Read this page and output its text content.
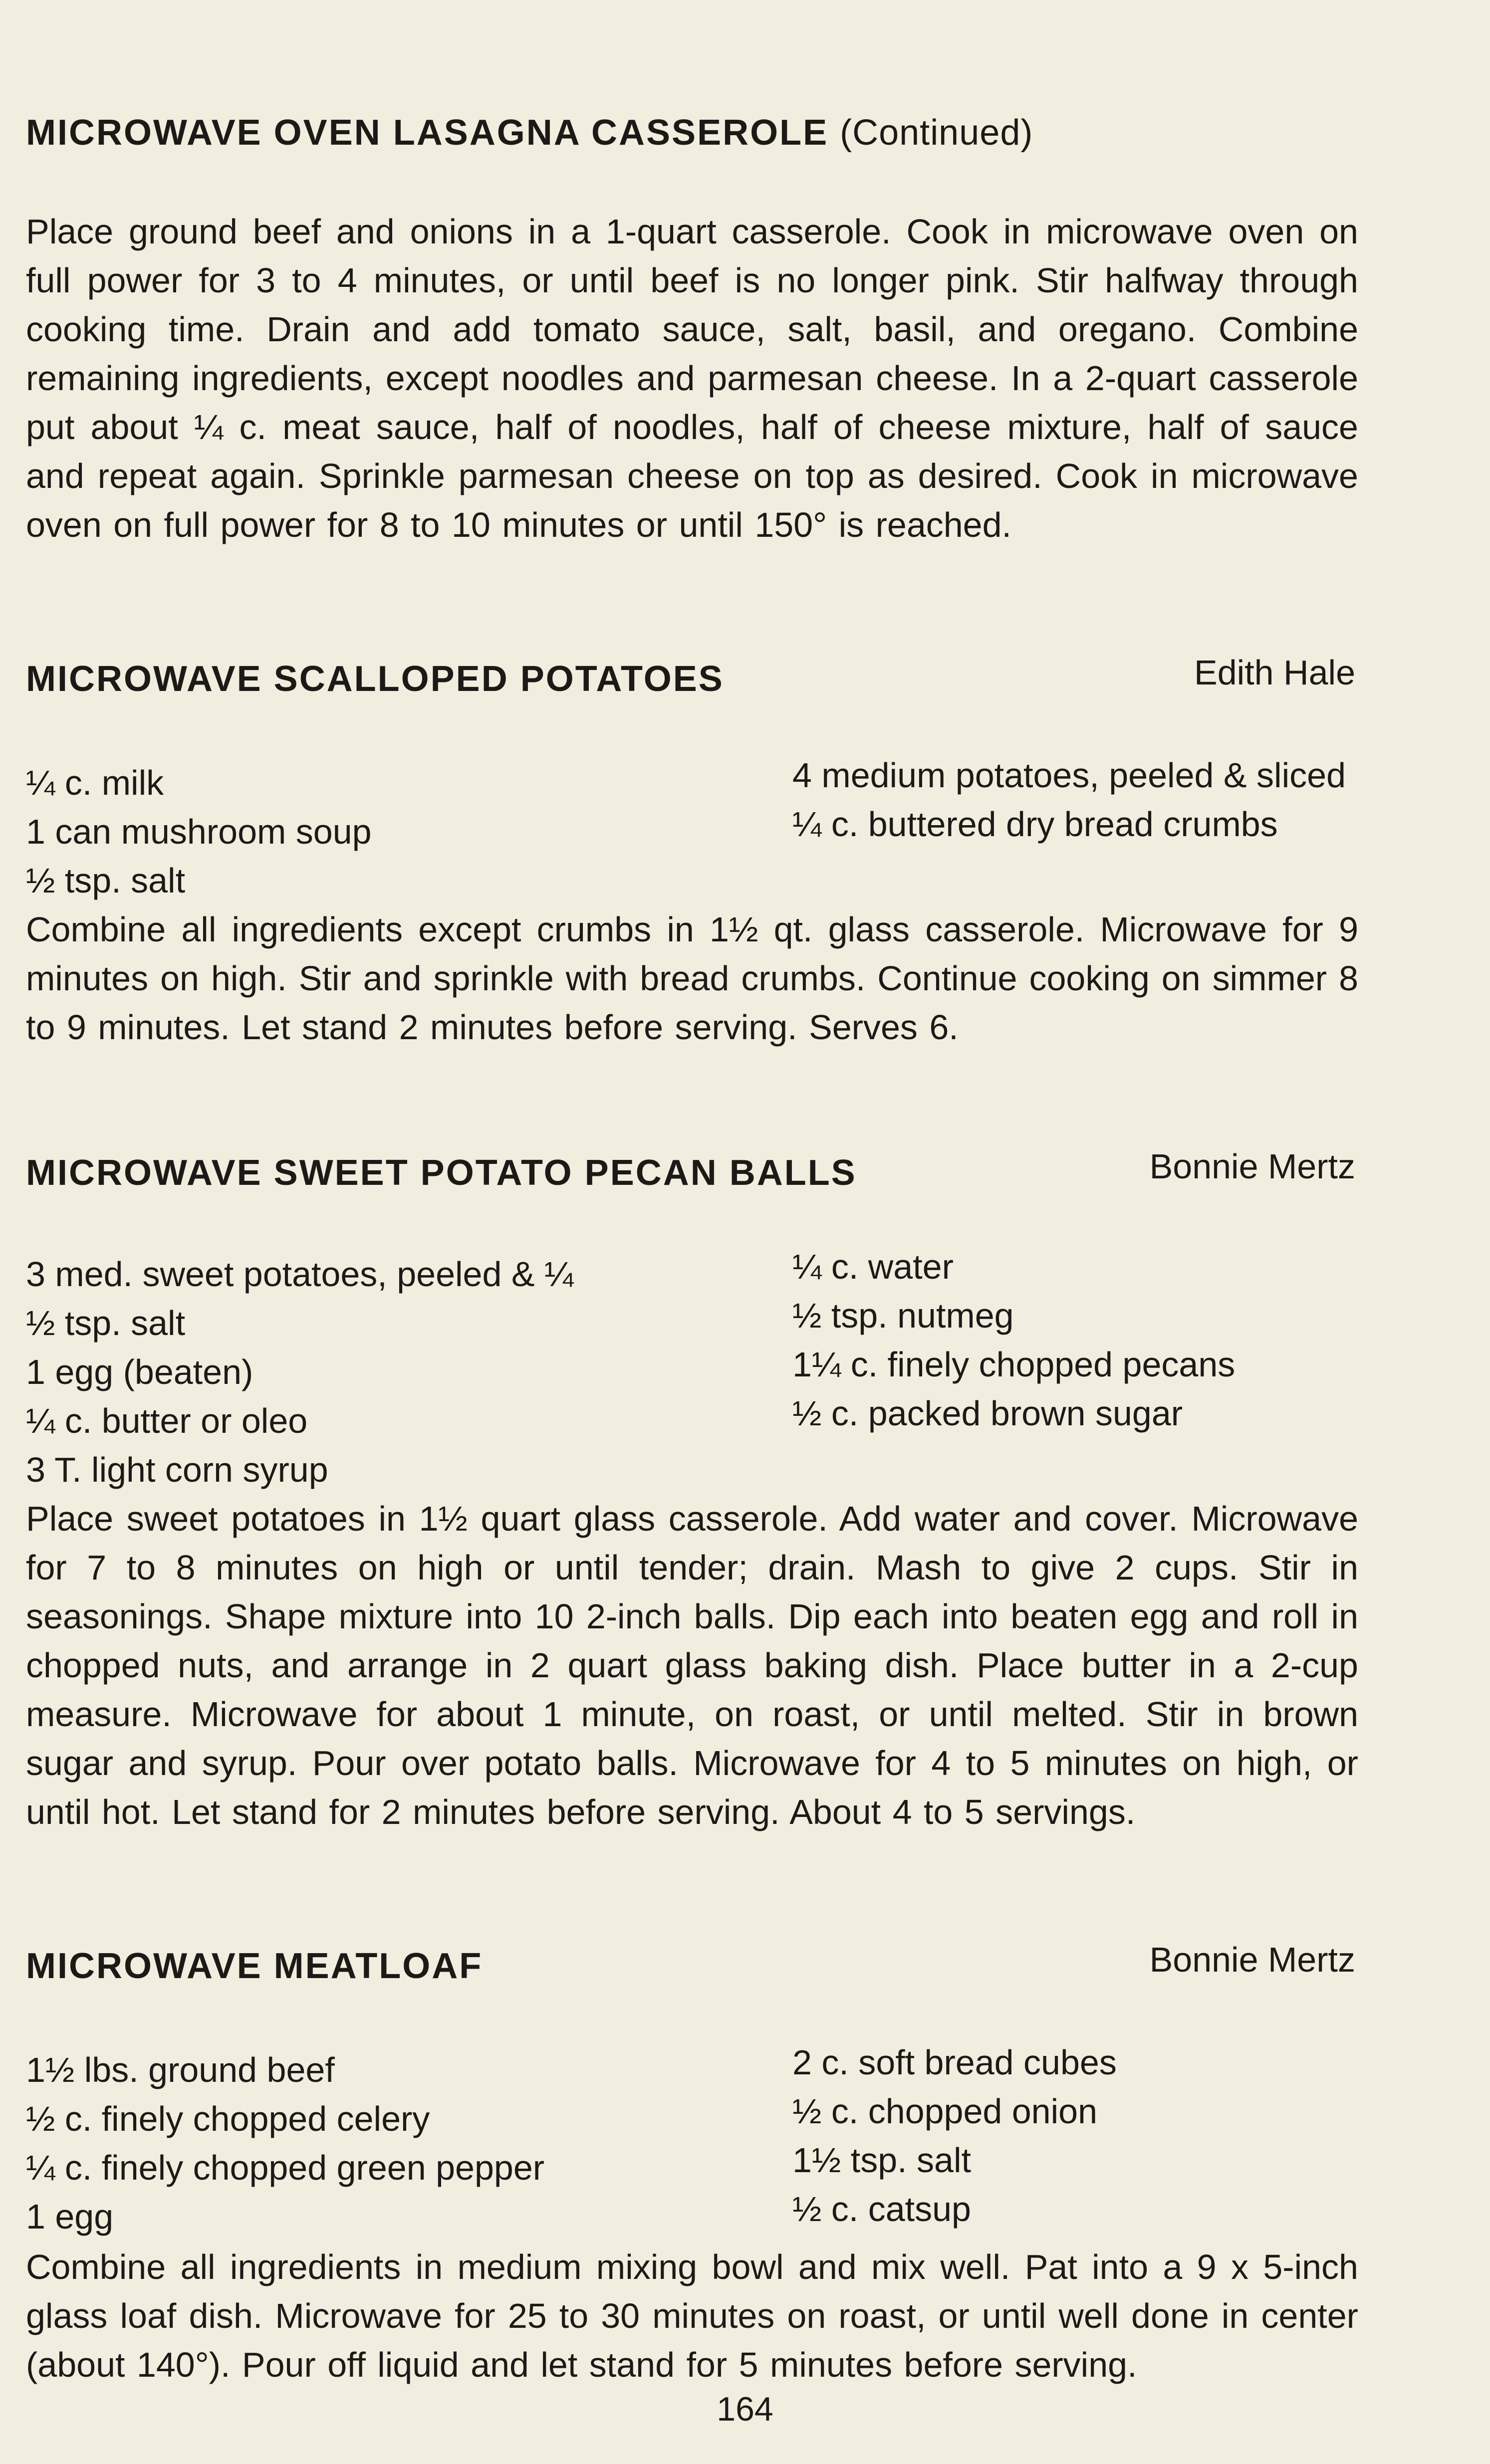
MICROWAVE OVEN LASAGNA CASSEROLE (Continued)

Place ground beef and onions in a 1-quart casserole. Cook in microwave oven on full power for 3 to 4 minutes, or until beef is no longer pink. Stir halfway through cooking time. Drain and add tomato sauce, salt, basil, and oregano. Combine remaining ingredients, except noodles and parmesan cheese. In a 2-quart casserole put about ¼ c. meat sauce, half of noodles, half of cheese mixture, half of sauce and repeat again. Sprinkle parmesan cheese on top as desired. Cook in microwave oven on full power for 8 to 10 minutes or until 150° is reached.

MICROWAVE SCALLOPED POTATOES	Edith Hale
¼ c. milk
1 can mushroom soup
½ tsp. salt
4 medium potatoes, peeled & sliced
¼ c. buttered dry bread crumbs

Combine all ingredients except crumbs in 1½ qt. glass casserole. Microwave for 9 minutes on high. Stir and sprinkle with bread crumbs. Continue cooking on simmer 8 to 9 minutes. Let stand 2 minutes before serving. Serves 6.

MICROWAVE SWEET POTATO PECAN BALLS	Bonnie Mertz
3 med. sweet potatoes, peeled & ¼
½ tsp. salt
1 egg (beaten)
¼ c. butter or oleo
3 T. light corn syrup
¼ c. water
½ tsp. nutmeg
1¼ c. finely chopped pecans
½ c. packed brown sugar

Place sweet potatoes in 1½ quart glass casserole. Add water and cover. Microwave for 7 to 8 minutes on high or until tender; drain. Mash to give 2 cups. Stir in seasonings. Shape mixture into 10 2-inch balls. Dip each into beaten egg and roll in chopped nuts, and arrange in 2 quart glass baking dish. Place butter in a 2-cup measure. Microwave for about 1 minute, on roast, or until melted. Stir in brown sugar and syrup. Pour over potato balls. Microwave for 4 to 5 minutes on high, or until hot. Let stand for 2 minutes before serving. About 4 to 5 servings.

MICROWAVE MEATLOAF	Bonnie Mertz
1½ lbs. ground beef
½ c. finely chopped celery
¼ c. finely chopped green pepper
1 egg
2 c. soft bread cubes
½ c. chopped onion
1½ tsp. salt
½ c. catsup

Combine all ingredients in medium mixing bowl and mix well. Pat into a 9 x 5-inch glass loaf dish. Microwave for 25 to 30 minutes on roast, or until well done in center (about 140°). Pour off liquid and let stand for 5 minutes before serving.

164
